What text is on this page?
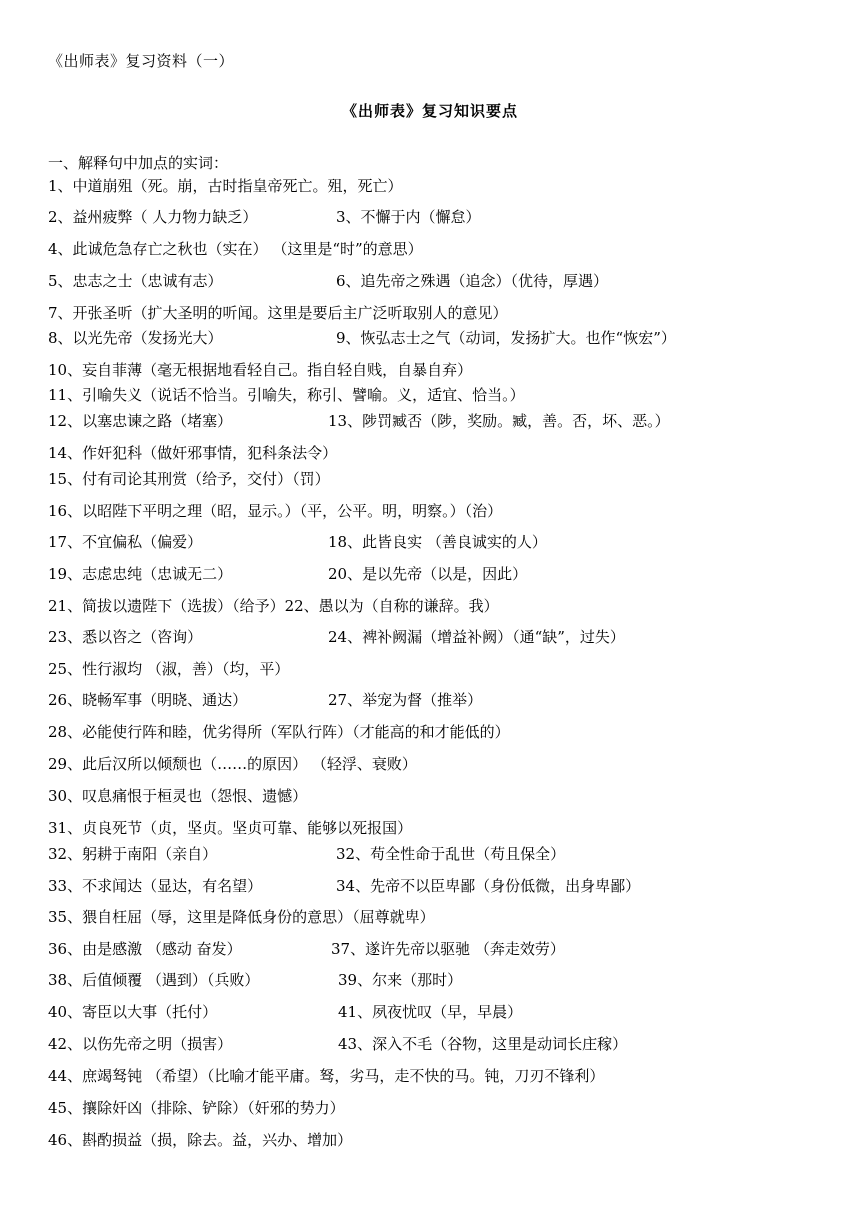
《出师表》复习资料（一）
《出师表》复习知识要点
一、解释句中加点的实词：
1、中道崩殂（死。崩，古时指皇帝死亡。殂，死亡）
2、益州疲弊（ 人力物力缺乏）	3、不懈于内（懈怠）
4、此诚危急存亡之秋也（实在） （这里是“时”的意思）
5、忠志之士（忠诚有志）	6、追先帝之殊遇（追念）（优待，厚遇）
7、开张圣听（扩大圣明的听闻。这里是要后主广泛听取别人的意见）
8、以光先帝（发扬光大）	9、恢弘志士之气（动词，发扬扩大。也作“恢宏”）
10、妄自菲薄（毫无根据地看轻自己。指自轻自贱，自暴自弃）
11、引喻失义（说话不恰当。引喻失，称引、譬喻。义，适宜、恰当。）
12、以塞忠谏之路（堵塞）	13、陟罚臧否（陟，奖励。臧，善。否，坏、恶。）
14、作奸犯科（做奸邪事情，犯科条法令）
15、付有司论其刑赏（给予，交付）（罚）
16、以昭陛下平明之理（昭，显示。）（平，公平。明，明察。）（治）
17、不宜偏私（偏爱）	18、此皆良实 （善良诚实的人）
19、志虑忠纯（忠诚无二）	20、是以先帝（以是，因此）
21、简拔以遗陛下（选拔）（给予）22、愚以为（自称的谦辞。我）
23、悉以咨之（咨询）	24、裨补阙漏（增益补阙）（通“缺”，过失）
25、性行淑均 （淑，善）（均，平）
26、晓畅军事（明晓、通达）	27、举宠为督（推举）
28、必能使行阵和睦，优劣得所（军队行阵）（才能高的和才能低的）
29、此后汉所以倾颓也（……的原因） （轻浮、衰败）
30、叹息痛恨于桓灵也（怨恨、遗憾）
31、贞良死节（贞，坚贞。坚贞可靠、能够以死报国）
32、躬耕于南阳（亲自）	32、苟全性命于乱世（苟且保全）
33、不求闻达（显达，有名望）	34、先帝不以臣卑鄙（身份低微，出身卑鄙）
35、猥自枉屈（辱，这里是降低身份的意思）（屈尊就卑）
36、由是感激 （感动 奋发）	37、遂许先帝以驱驰 （奔走效劳）
38、后值倾覆 （遇到）（兵败）	39、尔来（那时）
40、寄臣以大事（托付）	41、夙夜忧叹（早，早晨）
42、以伤先帝之明（损害）	43、深入不毛（谷物，这里是动词长庄稼）
44、庶竭驽钝 （希望）（比喻才能平庸。驽，劣马，走不快的马。钝，刀刃不锋利）
45、攘除奸凶（排除、铲除）（奸邪的势力）
46、斟酌损益（损，除去。益，兴办、增加）
